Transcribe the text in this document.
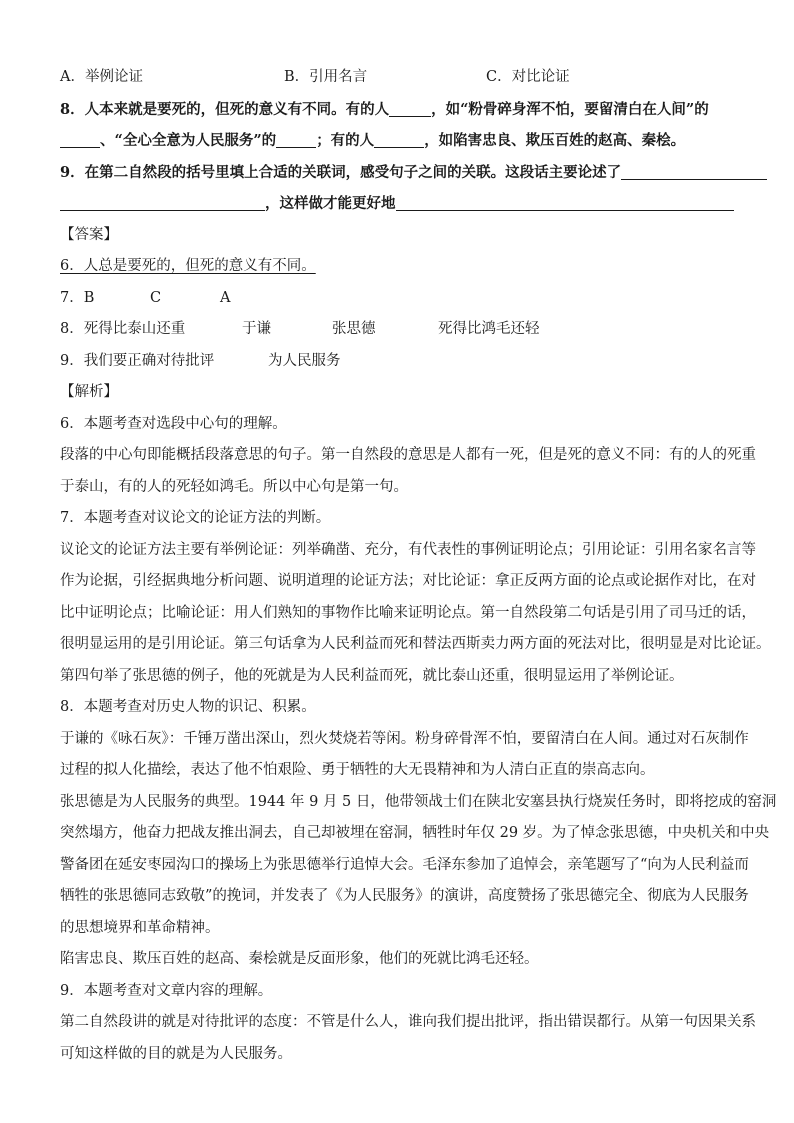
A．举例论证	B．引用名言	C．对比论证
8．人本来就是要死的，但死的意义有不同。有的人	，如“粉骨碎身浑不怕，要留清白在人间”的
、“全心全意为人民服务”的	；有的人	，如陷害忠良、欺压百姓的赵高、秦桧。
9．在第二自然段的括号里填上合适的关联词，感受句子之间的关联。这段话主要论述了
，这样做才能更好地
【答案】
6．人总是要死的，但死的意义有不同。
7．B	C	A
8．死得比泰山还重	于谦	张思德	死得比鸿毛还轻
9．我们要正确对待批评	为人民服务
【解析】
6．本题考查对选段中心句的理解。
段落的中心句即能概括段落意思的句子。第一自然段的意思是人都有一死，但是死的意义不同：有的人的死重
于泰山，有的人的死轻如鸿毛。所以中心句是第一句。
7．本题考查对议论文的论证方法的判断。
议论文的论证方法主要有举例论证：列举确凿、充分，有代表性的事例证明论点；引用论证：引用名家名言等
作为论据，引经据典地分析问题、说明道理的论证方法；对比论证：拿正反两方面的论点或论据作对比，在对
比中证明论点；比喻论证：用人们熟知的事物作比喻来证明论点。第一自然段第二句话是引用了司马迁的话，
很明显运用的是引用论证。第三句话拿为人民利益而死和替法西斯卖力两方面的死法对比，很明显是对比论证。
第四句举了张思德的例子，他的死就是为人民利益而死，就比泰山还重，很明显运用了举例论证。
8．本题考查对历史人物的识记、积累。
于谦的《咏石灰》：千锤万凿出深山，烈火焚烧若等闲。粉身碎骨浑不怕，要留清白在人间。通过对石灰制作
过程的拟人化描绘，表达了他不怕艰险、勇于牺牲的大无畏精神和为人清白正直的崇高志向。
张思德是为人民服务的典型。1944 年 9 月 5 日，他带领战士们在陕北安塞县执行烧炭任务时，即将挖成的窑洞
突然塌方，他奋力把战友推出洞去，自己却被埋在窑洞，牺牲时年仅 29 岁。为了悼念张思德，中央机关和中央
警备团在延安枣园沟口的操场上为张思德举行追悼大会。毛泽东参加了追悼会，亲笔题写了“向为人民利益而
牺牲的张思德同志致敬”的挽词，并发表了《为人民服务》的演讲，高度赞扬了张思德完全、彻底为人民服务
的思想境界和革命精神。
陷害忠良、欺压百姓的赵高、秦桧就是反面形象，他们的死就比鸿毛还轻。
9．本题考查对文章内容的理解。
第二自然段讲的就是对待批评的态度：不管是什么人，谁向我们提出批评，指出错误都行。从第一句因果关系
可知这样做的目的就是为人民服务。
